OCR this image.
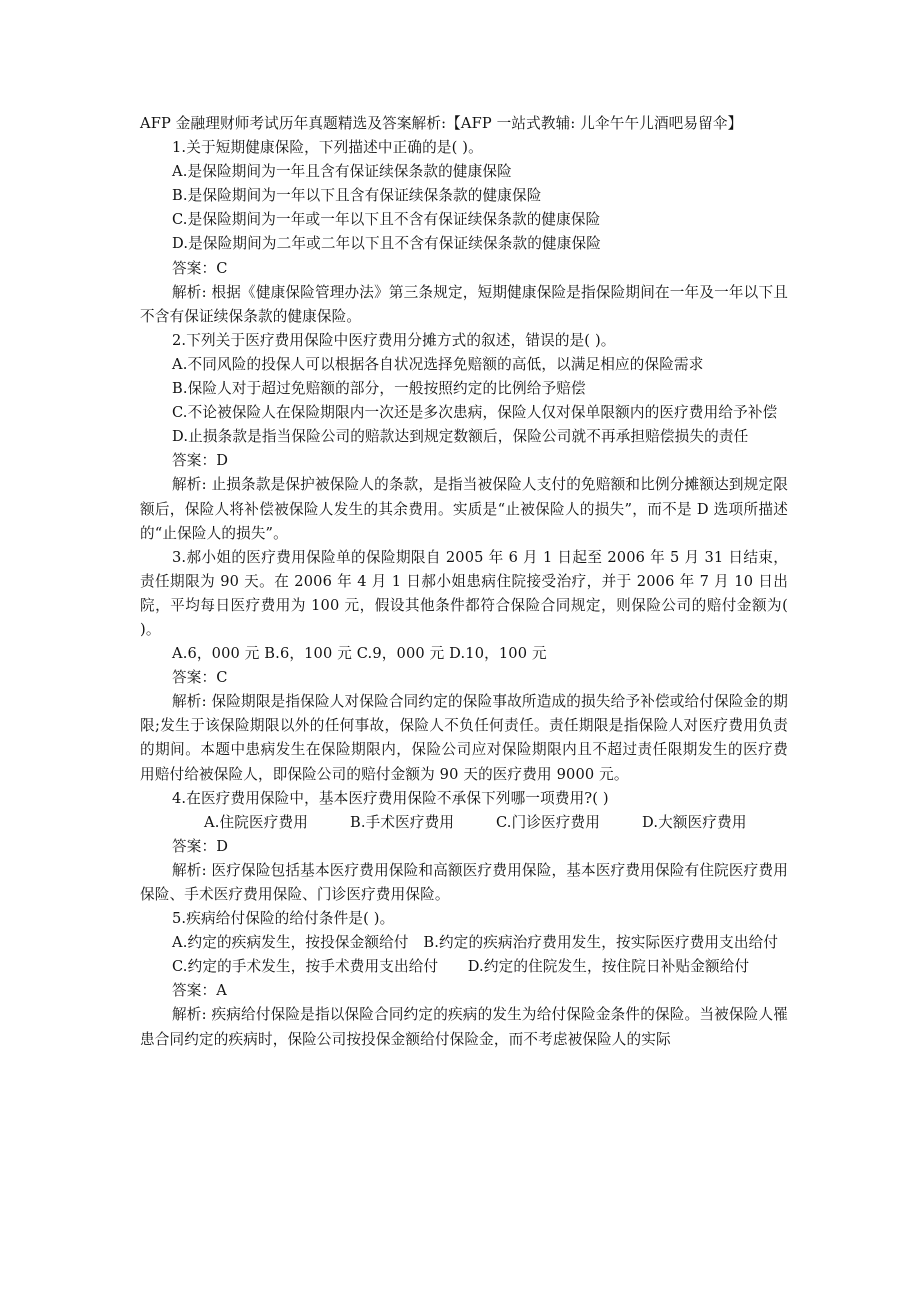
AFP 金融理财师考试历年真题精选及答案解析:【AFP 一站式教辅: 儿伞午午儿酒吧易留伞】

1.关于短期健康保险，下列描述中正确的是( )。

A.是保险期间为一年且含有保证续保条款的健康保险

B.是保险期间为一年以下且含有保证续保条款的健康保险

C.是保险期间为一年或一年以下且不含有保证续保条款的健康保险

D.是保险期间为二年或二年以下且不含有保证续保条款的健康保险

答案：C

解析: 根据《健康保险管理办法》第三条规定，短期健康保险是指保险期间在一年及一年以下且不含有保证续保条款的健康保险。

2.下列关于医疗费用保险中医疗费用分摊方式的叙述，错误的是( )。

A.不同风险的投保人可以根据各自状况选择免赔额的高低，以满足相应的保险需求

B.保险人对于超过免赔额的部分，一般按照约定的比例给予赔偿

C.不论被保险人在保险期限内一次还是多次患病，保险人仅对保单限额内的医疗费用给予补偿

D.止损条款是指当保险公司的赔款达到规定数额后，保险公司就不再承担赔偿损失的责任

答案：D

解析: 止损条款是保护被保险人的条款，是指当被保险人支付的免赔额和比例分摊额达到规定限额后，保险人将补偿被保险人发生的其余费用。实质是“止被保险人的损失”，而不是 D 选项所描述的“止保险人的损失”。

3.郝小姐的医疗费用保险单的保险期限自 2005 年 6 月 1 日起至 2006 年 5 月 31 日结束，责任期限为 90 天。在 2006 年 4 月 1 日郝小姐患病住院接受治疗，并于 2006 年 7 月 10 日出院，平均每日医疗费用为 100 元，假设其他条件都符合保险合同规定，则保险公司的赔付金额为( )。

A.6，000 元 B.6，100 元 C.9，000 元 D.10，100 元

答案：C

解析: 保险期限是指保险人对保险合同约定的保险事故所造成的损失给予补偿或给付保险金的期限;发生于该保险期限以外的任何事故，保险人不负任何责任。责任期限是指保险人对医疗费用负责的期间。本题中患病发生在保险期限内，保险公司应对保险期限内且不超过责任限期发生的医疗费用赔付给被保险人，即保险公司的赔付金额为 90 天的医疗费用 9000 元。

4.在医疗费用保险中，基本医疗费用保险不承保下列哪一项费用?( )

A.住院医疗费用	B.手术医疗费用	C.门诊医疗费用	D.大额医疗费用

答案：D

解析: 医疗保险包括基本医疗费用保险和高额医疗费用保险，基本医疗费用保险有住院医疗费用保险、手术医疗费用保险、门诊医疗费用保险。

5.疾病给付保险的给付条件是( )。

A.约定的疾病发生，按投保金额给付　B.约定的疾病治疗费用发生，按实际医疗费用支出给付

C.约定的手术发生，按手术费用支出给付　　D.约定的住院发生，按住院日补贴金额给付

答案：A

解析: 疾病给付保险是指以保险合同约定的疾病的发生为给付保险金条件的保险。当被保险人罹患合同约定的疾病时，保险公司按投保金额给付保险金，而不考虑被保险人的实际
